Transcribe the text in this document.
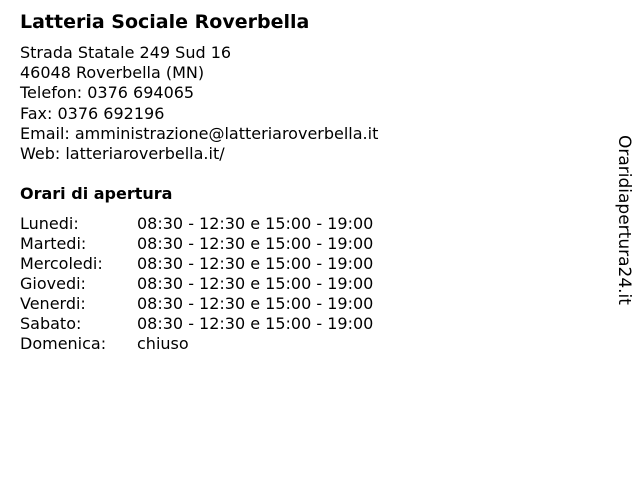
Latteria Sociale Roverbella
Strada Statale 249 Sud 16
46048 Roverbella (MN)
Telefon: 0376 694065
Fax: 0376 692196
Email: amministrazione@latteriaroverbella.it
Web: latteriaroverbella.it/
Orari di apertura
Lunedi:	08:30 - 12:30 e 15:00 - 19:00
Martedi:	08:30 - 12:30 e 15:00 - 19:00
Mercoledi: 08:30 - 12:30 e 15:00 - 19:00
Giovedi:	08:30 - 12:30 e 15:00 - 19:00
Venerdi:	08:30 - 12:30 e 15:00 - 19:00
Sabato:	08:30 - 12:30 e 15:00 - 19:00
Domenica: chiuso
Oraridiapertura24.it
